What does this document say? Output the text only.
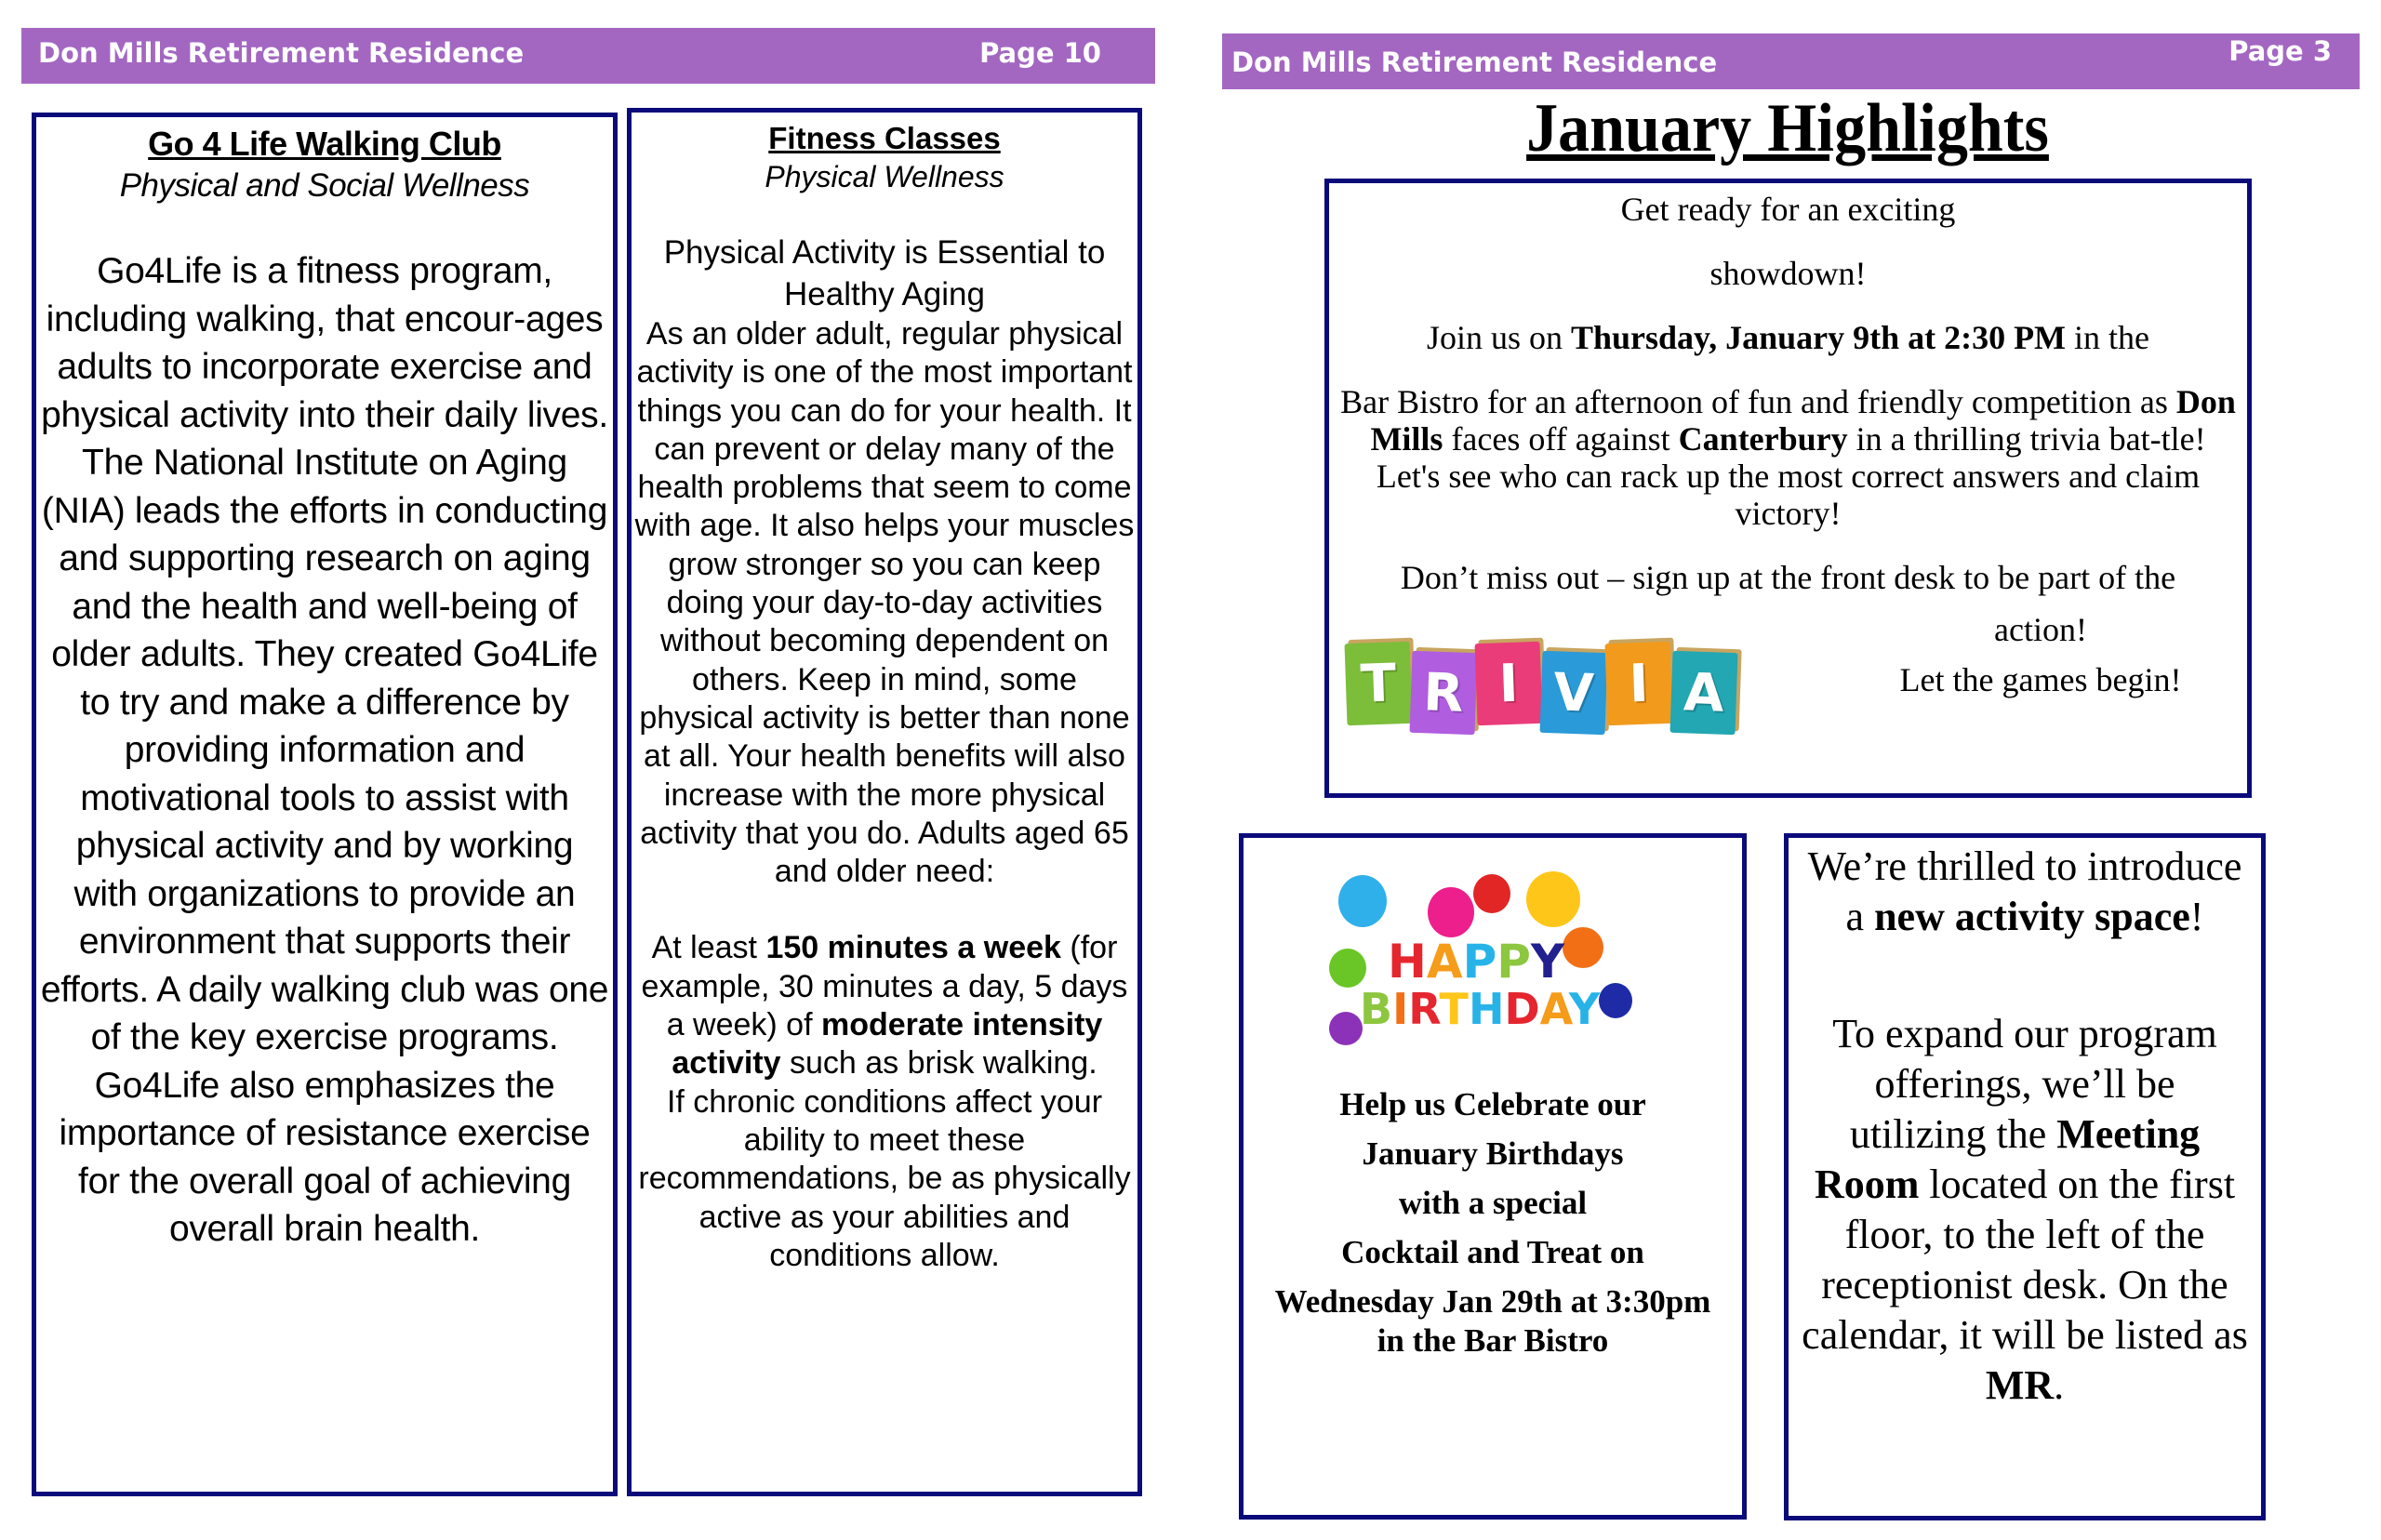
Don Mills Retirement Residence	Page 10
Go 4 Life Walking Club
Physical and Social Wellness
Go4Life is a fitness program, including walking, that encour-ages adults to incorporate exercise and physical activity into their daily lives. The National Institute on Aging (NIA) leads the efforts in conducting and supporting research on aging and the health and well-being of older adults. They created Go4Life to try and make a difference by providing information and motivational tools to assist with physical activity and by working with organizations to provide an environment that supports their efforts. A daily walking club was one of the key exercise programs. Go4Life also emphasizes the importance of resistance exercise for the overall goal of achieving overall brain health.
Fitness Classes
Physical Wellness
Physical Activity is Essential to Healthy Aging
As an older adult, regular physical activity is one of the most important things you can do for your health. It can prevent or delay many of the health problems that seem to come with age. It also helps your muscles grow stronger so you can keep doing your day-to-day activities without becoming dependent on others. Keep in mind, some physical activity is better than none at all. Your health benefits will also increase with the more physical activity that you do. Adults aged 65 and older need:
At least 150 minutes a week (for example, 30 minutes a day, 5 days a week) of moderate intensity activity such as brisk walking.
If chronic conditions affect your ability to meet these recommendations, be as physically active as your abilities and conditions allow.
Don Mills Retirement Residence	Page 3
January Highlights

Get ready for an exciting

showdown!

Join us on Thursday, January 9th at 2:30 PM in the

Bar Bistro for an afternoon of fun and friendly competition as Don Mills faces off against Canterbury in a thrilling trivia bat-tle! Let's see who can rack up the most correct answers and claim victory!

Don’t miss out – sign up at the front desk to be part of the

action!

Let the games begin!

T R I V I A
HAPPY
BIRTHDAY
Help us Celebrate our
January Birthdays
with a special
Cocktail and Treat on
Wednesday Jan 29th at 3:30pm
in the Bar Bistro
We’re thrilled to introduce a new activity space!
To expand our program offerings, we’ll be utilizing the Meeting Room located on the first floor, to the left of the receptionist desk. On the calendar, it will be listed as MR.
